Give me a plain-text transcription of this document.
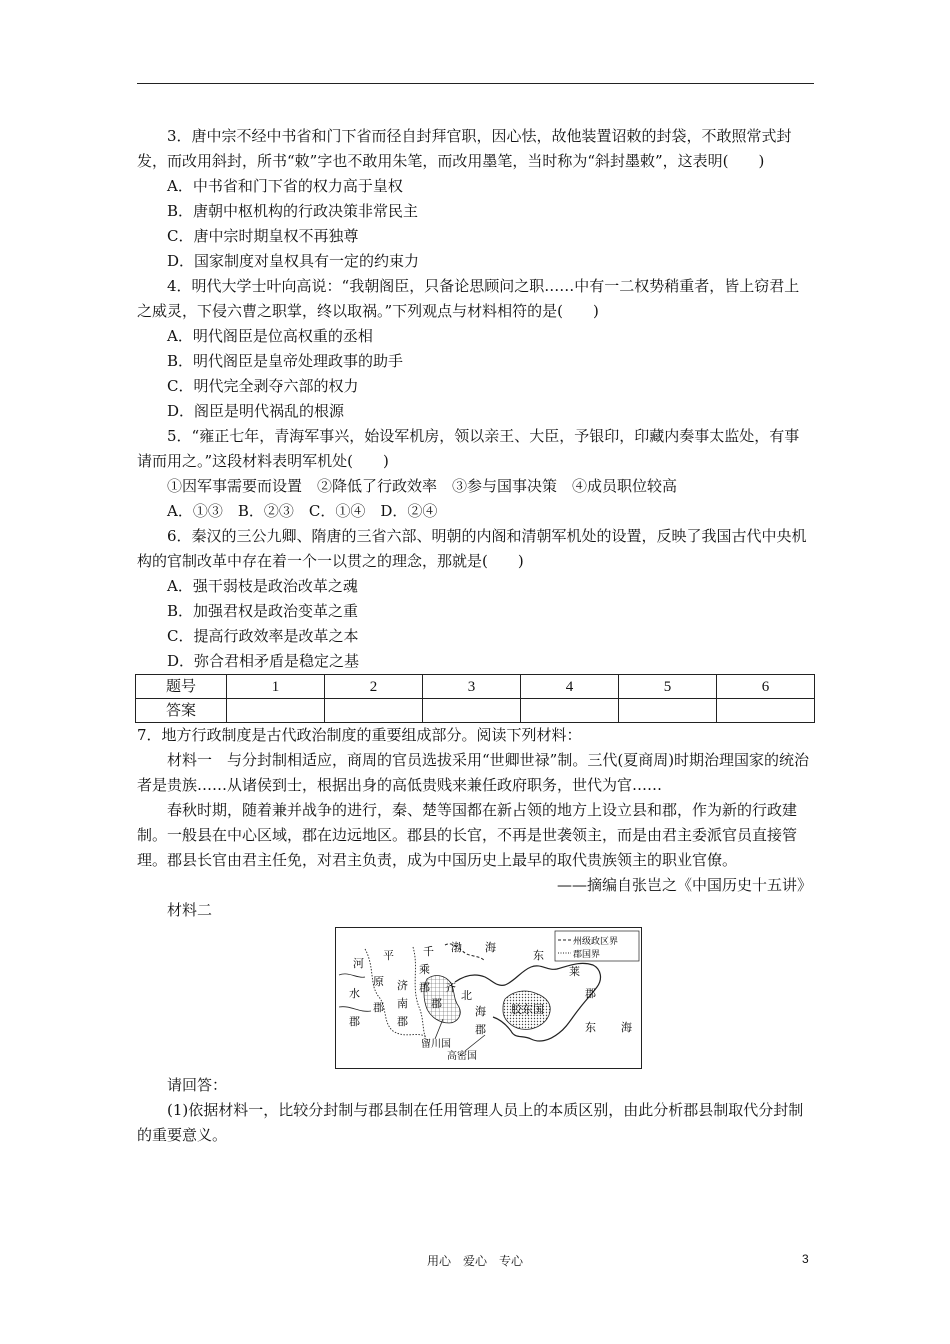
3．唐中宗不经中书省和门下省而径自封拜官职，因心怯，故他装置诏敕的封袋，不敢照常式封发，而改用斜封，所书“敕”字也不敢用朱笔，而改用墨笔，当时称为“斜封墨敕”，这表明(　　)

A．中书省和门下省的权力高于皇权

B．唐朝中枢机构的行政决策非常民主

C．唐中宗时期皇权不再独尊

D．国家制度对皇权具有一定的约束力

4．明代大学士叶向高说：“我朝阁臣，只备论思顾问之职……中有一二权势稍重者，皆上窃君上之威灵，下侵六曹之职掌，终以取祸。”下列观点与材料相符的是(　　)

A．明代阁臣是位高权重的丞相

B．明代阁臣是皇帝处理政事的助手

C．明代完全剥夺六部的权力

D．阁臣是明代祸乱的根源

5．“雍正七年，青海军事兴，始设军机房，领以亲王、大臣，予银印，印藏内奏事太监处，有事请而用之。”这段材料表明军机处(　　)

①因军事需要而设置　②降低了行政效率　③参与国事决策　④成员职位较高

A．①③　B．②③　C．①④　D．②④

6．秦汉的三公九卿、隋唐的三省六部、明朝的内阁和清朝军机处的设置，反映了我国古代中央机构的官制改革中存在着一个一以贯之的理念，那就是(　　)

A．强干弱枝是政治改革之魂

B．加强君权是政治变革之重

C．提高行政效率是改革之本

D．弥合君相矛盾是稳定之基

题号	1	2	3	4	5	6
答案						

7．地方行政制度是古代政治制度的重要组成部分。阅读下列材料：

材料一　与分封制相适应，商周的官员选拔采用“世卿世禄”制。三代(夏商周)时期治理国家的统治者是贵族……从诸侯到士，根据出身的高低贵贱来兼任政府职务，世代为官……

春秋时期，随着兼并战争的进行，秦、楚等国都在新占领的地方上设立县和郡，作为新的行政建制。一般县在中心区域，郡在边远地区。郡县的长官，不再是世袭领主，而是由君主委派官员直接管理。郡县长官由君主任免，对君主负责，成为中国历史上最早的取代贵族领主的职业官僚。

——摘编自张岂之《中国历史十五讲》

材料二

州级政区界
郡国界
河
水
郡
平
原
郡
济
南
郡
千
乘
郡 齐
郡
北
海
郡
渤 海
东
莱
郡
胶东国
东 海
留川国
高密国

请回答：

(1)依据材料一，比较分封制与郡县制在任用管理人员上的本质区别，由此分析郡县制取代分封制的重要意义。

用心　爱心　专心	3
